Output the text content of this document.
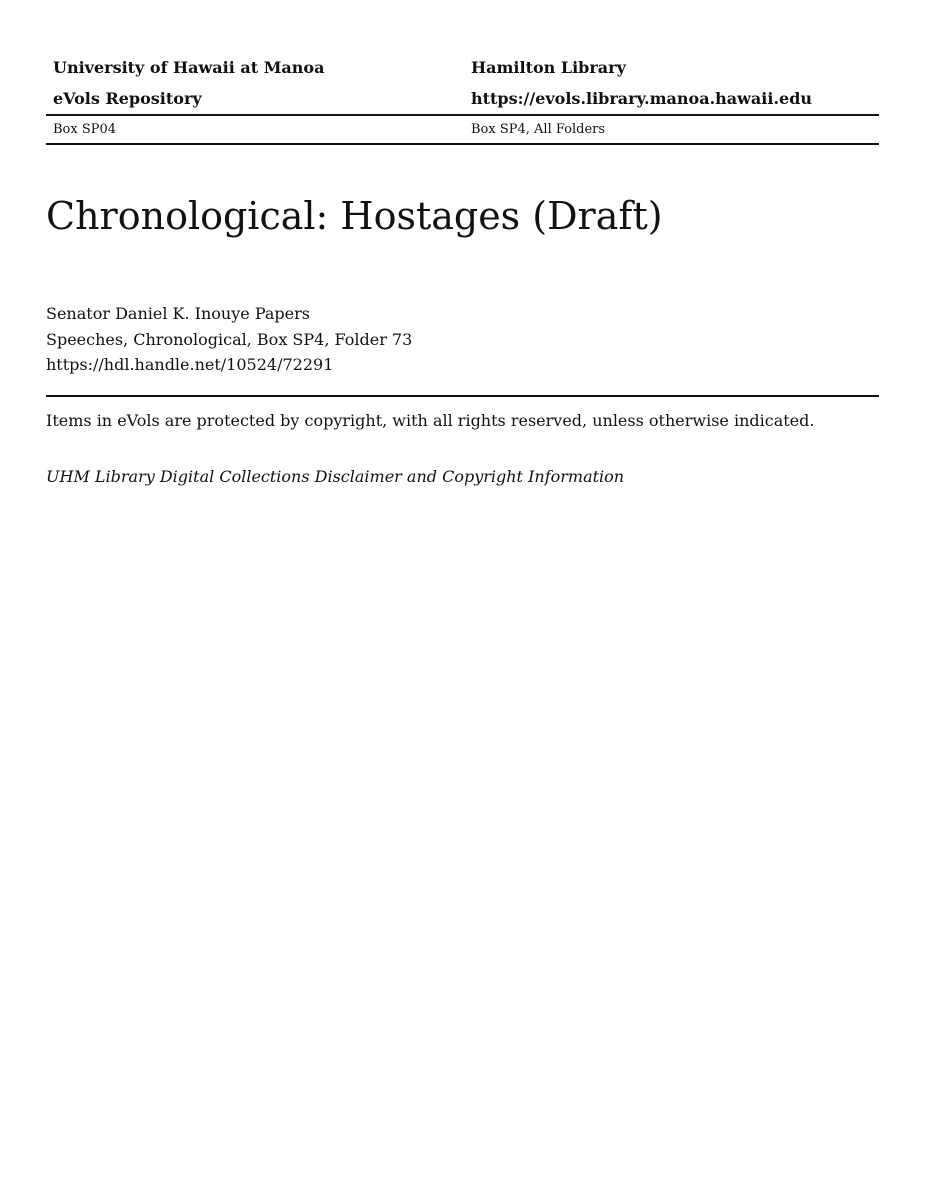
University of Hawaii at Manoa	Hamilton Library
eVols Repository	https://evols.library.manoa.hawaii.edu
Box SP04	Box SP4, All Folders
Chronological: Hostages (Draft)
Senator Daniel K. Inouye Papers
Speeches, Chronological, Box SP4, Folder 73
https://hdl.handle.net/10524/72291
Items in eVols are protected by copyright, with all rights reserved, unless otherwise indicated.
UHM Library Digital Collections Disclaimer and Copyright Information
